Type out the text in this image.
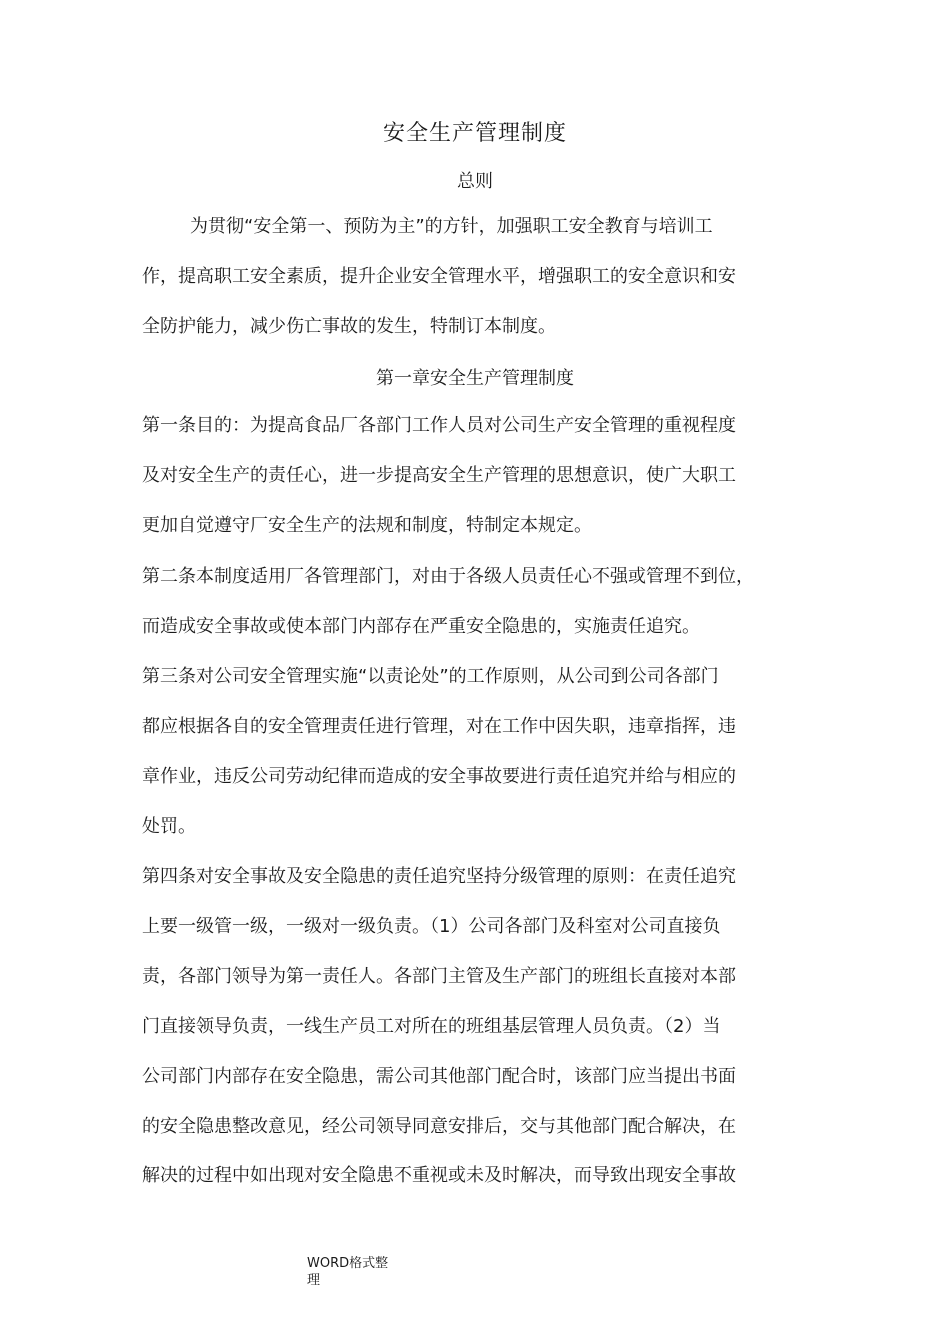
安全生产管理制度
总则
为贯彻“安全第一、预防为主”的方针，加强职工安全教育与培训工
作，提高职工安全素质，提升企业安全管理水平，增强职工的安全意识和安
全防护能力，减少伤亡事故的发生，特制订本制度。
第一章安全生产管理制度
第一条目的：为提高食品厂各部门工作人员对公司生产安全管理的重视程度
及对安全生产的责任心，进一步提高安全生产管理的思想意识，使广大职工
更加自觉遵守厂安全生产的法规和制度，特制定本规定。
第二条本制度适用厂各管理部门，对由于各级人员责任心不强或管理不到位，
而造成安全事故或使本部门内部存在严重安全隐患的，实施责任追究。
第三条对公司安全管理实施“以责论处”的工作原则，从公司到公司各部门
都应根据各自的安全管理责任进行管理，对在工作中因失职，违章指挥，违
章作业，违反公司劳动纪律而造成的安全事故要进行责任追究并给与相应的
处罚。
第四条对安全事故及安全隐患的责任追究坚持分级管理的原则：在责任追究
上要一级管一级，一级对一级负责。（1）公司各部门及科室对公司直接负
责，各部门领导为第一责任人。各部门主管及生产部门的班组长直接对本部
门直接领导负责，一线生产员工对所在的班组基层管理人员负责。（2）当
公司部门内部存在安全隐患，需公司其他部门配合时，该部门应当提出书面
的安全隐患整改意见，经公司领导同意安排后，交与其他部门配合解决，在
解决的过程中如出现对安全隐患不重视或未及时解决，而导致出现安全事故
WORD格式整
理
